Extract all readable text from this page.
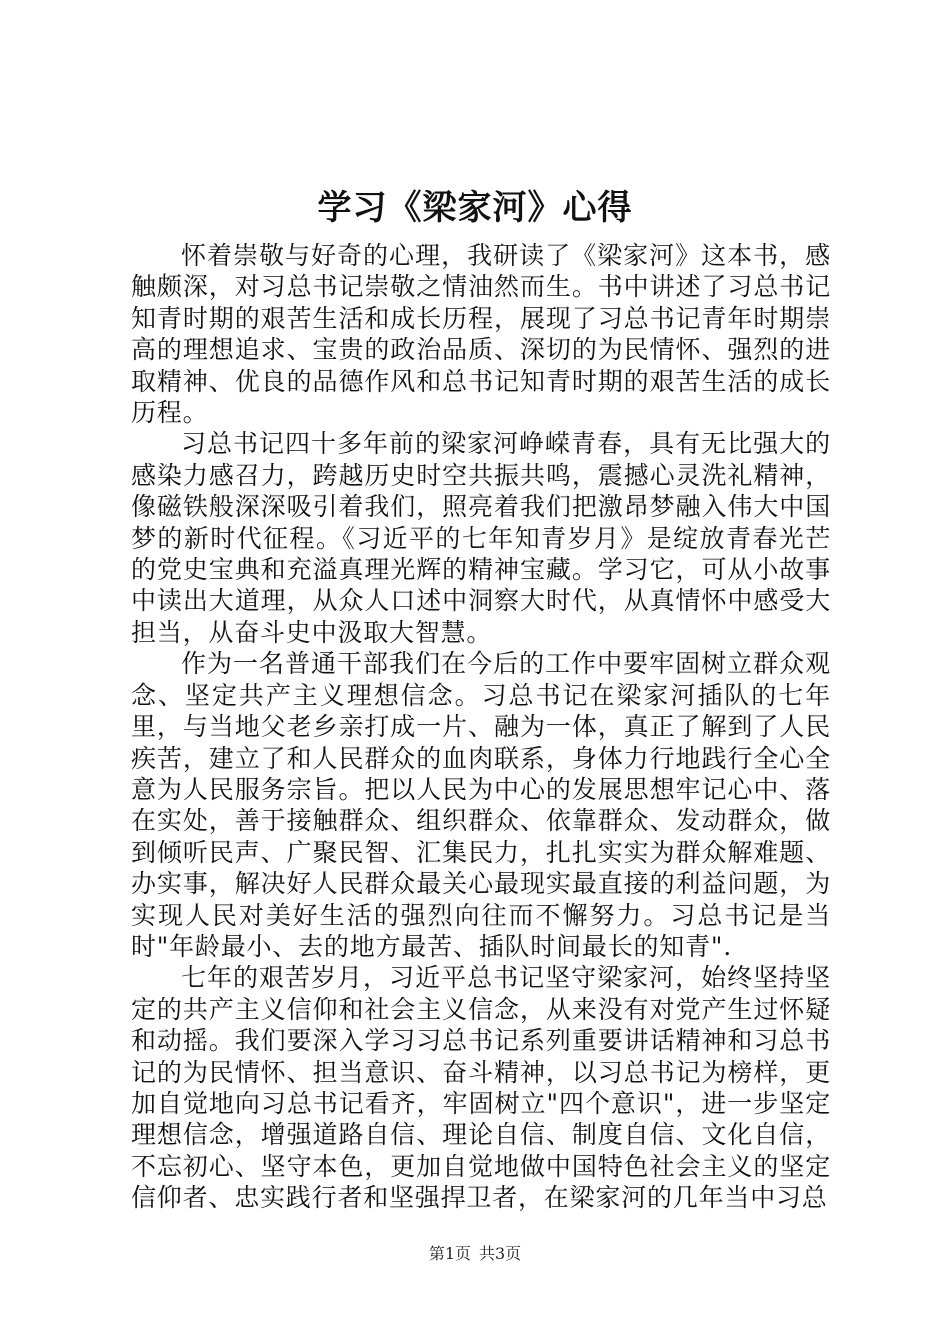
学习《梁家河》心得

怀着崇敬与好奇的心理，我研读了《梁家河》这本书，感触颇深，对习总书记崇敬之情油然而生。书中讲述了习总书记知青时期的艰苦生活和成长历程，展现了习总书记青年时期崇高的理想追求、宝贵的政治品质、深切的为民情怀、强烈的进取精神、优良的品德作风和总书记知青时期的艰苦生活的成长历程。

习总书记四十多年前的梁家河峥嵘青春，具有无比强大的感染力感召力，跨越历史时空共振共鸣，震撼心灵洗礼精神，像磁铁般深深吸引着我们，照亮着我们把激昂梦融入伟大中国梦的新时代征程。《习近平的七年知青岁月》是绽放青春光芒的党史宝典和充溢真理光辉的精神宝藏。学习它，可从小故事中读出大道理，从众人口述中洞察大时代，从真情怀中感受大担当，从奋斗史中汲取大智慧。

作为一名普通干部我们在今后的工作中要牢固树立群众观念、坚定共产主义理想信念。习总书记在梁家河插队的七年里，与当地父老乡亲打成一片、融为一体，真正了解到了人民疾苦，建立了和人民群众的血肉联系，身体力行地践行全心全意为人民服务宗旨。把以人民为中心的发展思想牢记心中、落在实处，善于接触群众、组织群众、依靠群众、发动群众，做到倾听民声、广聚民智、汇集民力，扎扎实实为群众解难题、办实事，解决好人民群众最关心最现实最直接的利益问题，为实现人民对美好生活的强烈向往而不懈努力。习总书记是当时"年龄最小、去的地方最苦、插队时间最长的知青".

七年的艰苦岁月，习近平总书记坚守梁家河，始终坚持坚定的共产主义信仰和社会主义信念，从来没有对党产生过怀疑和动摇。我们要深入学习习总书记系列重要讲话精神和习总书记的为民情怀、担当意识、奋斗精神，以习总书记为榜样，更加自觉地向习总书记看齐，牢固树立"四个意识"，进一步坚定理想信念，增强道路自信、理论自信、制度自信、文化自信，不忘初心、坚守本色，更加自觉地做中国特色社会主义的坚定信仰者、忠实践行者和坚强捍卫者，在梁家河的几年当中习总

第1页 共3页
